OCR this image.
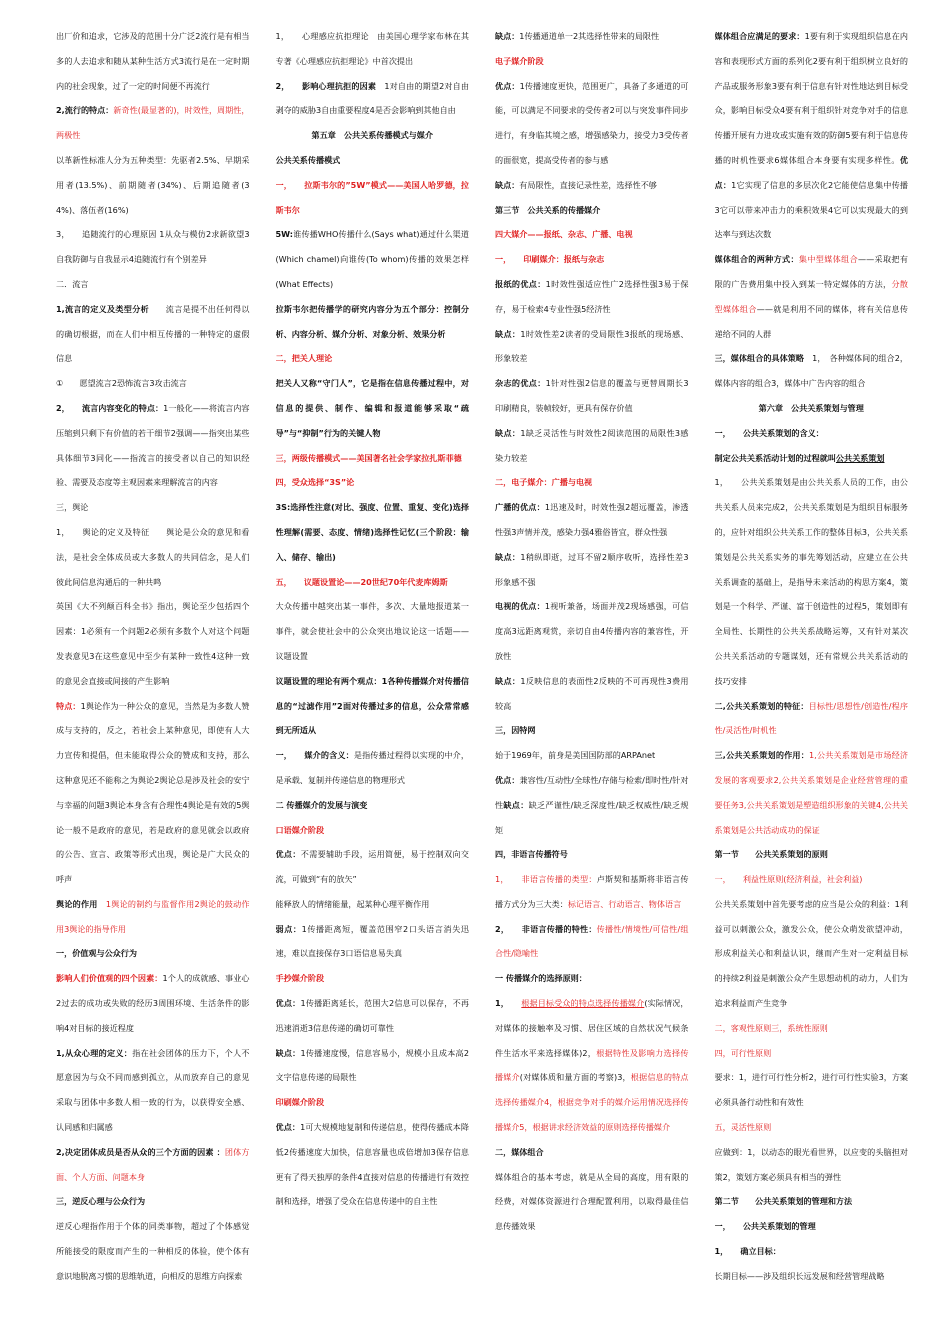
出厂价和追求，它涉及的范围十分广泛2流行是有相当多的人去追求和随从某种生活方式3流行是在一定时期内的社会现象，过了一定的时间便不再流行

2,流行的特点：新奇性(最显著的)，时效性，周期性，两极性

以革新性标准人分为五种类型：先驱者2.5%、早期采用者(13.5%)、前期随者(34%)、后期追随者(34%)、落伍者(16%)

3，　　追随流行的心理原因 1从众与模仿2求新欲望3自我防御与自我显示4追随流行有个别差异

二．流言

1,流言的定义及类型分析　　流言是提不出任何得以的确切根据，而在人们中相互传播的一种特定的虚假信息

①　　愿望流言2恐怖流言3攻击流言

2，　　流言内容变化的特点：1一般化——将流言内容压缩到只剩下有价值的若干细节2强调——指突出某些具体细节3同化——指流言的接受者以自己的知识经验、需要及态度等主观因素来理解流言的内容

三，舆论

1，　　舆论的定义及特征　　舆论是公众的意见和看法，是社会全体成员或大多数人的共同信念，是人们彼此间信息沟通后的一种共鸣

英国《大不列颠百科全书》指出，舆论至少包括四个因素：1必须有一个问题2必须有多数个人对这个问题发表意见3在这些意见中至少有某种一致性4这种一致的意见会直接或间接的产生影响

特点：1舆论作为一种公众的意见，当然是为多数人赞成与支持的，反之，若社会上某种意见，即使有人大力宣传和提倡，但未能取得公众的赞成和支持，那么这种意见还不能称之为舆论2舆论总是涉及社会的安宁与幸福的问题3舆论本身含有合理性4舆论是有效的5舆论一般不是政府的意见，若是政府的意见就会以政府的公告、宣言、政策等形式出现，舆论是广大民众的呼声

舆论的作用　1舆论的制约与监督作用2舆论的鼓动作用3舆论的指导作用

一，价值观与公众行为

影响人们价值观的四个因素：1个人的成就感、事业心2过去的成功或失败的经历3周围环境、生活条件的影响4对目标的接近程度

1,从众心理的定义：指在社会团体的压力下，个人不愿意因为与众不同而感到孤立，从而放弃自己的意见采取与团体中多数人相一致的行为，以获得安全感、认同感和归属感

2,决定团体成员是否从众的三个方面的因素 ：团体方面、个人方面、问题本身

三，逆反心理与公众行为

逆反心理指作用于个体的同类事物，超过了个体感觉所能接受的限度而产生的一种相反的体验，使个体有意识地脱离习惯的思维轨道，向相反的思维方向探索

1，　　心理感应抗拒理论　由美国心理学家布林在其专著《心理感应抗拒理论》中首次提出

2，　　影响心理抗拒的因素　1对自由的期望2对自由剥夺的威胁3自由重要程度4是否会影响到其他自由

第五章　公共关系传播模式与媒介

公共关系传播模式

一，　　拉斯韦尔的”5W”模式——美国人哈罗德，拉斯韦尔

5W:谁传播WHO传播什么(Says what)通过什么渠道(Which chamel)向谁传(To whom)传播的效果怎样(What Effects)

拉斯韦尔把传播学的研究内容分为五个部分：控制分析、内容分析、媒介分析、对象分析、效果分析

二，把关人理论

把关人又称“守门人”，它是指在信息传播过程中，对信息的提供、制作、编辑和报道能够采取“疏导”与“抑制”行为的关键人物

三，两级传播模式——美国著名社会学家拉扎斯菲德

四，受众选择“3S”论

3S:选择性注意(对比、强度、位置、重复、变化)选择性理解(需要、态度、情绪)选择性记忆(三个阶段：输入、储存、输出)

五，　　议题设置论——20世纪70年代麦库姆斯

大众传播中越突出某一事件，多次、大量地报道某一事件，就会使社会中的公众突出地议论这一话题——议题设置

议题设置的理论有两个观点：1各种传播媒介对传播信息的“过滤作用”2面对传播过多的信息，公众常常感到无所适从

一，　　媒介的含义：是指传播过程得以实现的中介，是承载、复制并传递信息的物理形式

二 传播媒介的发展与演变

口语媒介阶段

优点：不需要辅助手段，运用简便，易于控制双向交流，可做到“有的放矢”

能释放人的情绪能量，起某种心理平衡作用

弱点：1传播距离短，覆盖范围窄2口头语言消失迅速，难以直接保存3口语信息易失真

手抄媒介阶段

优点：1传播距离延长，范围大2信息可以保存，不再迅速消逝3信息传递的确切可靠性

缺点：1传播速度慢，信息容易小，规模小且成本高2文字信息传递的局限性

印刷媒介阶段

优点：1可大规模地复制和传递信息，使得传播成本降低2传播速度大加快，信息容量也成倍增加3保存信息更有了得天独厚的条件4直接对信息的传播进行有效控制和选择，增强了受众在信息传递中的自主性

缺点：1传播通道单一2其选择性带来的局限性

电子媒介阶段

优点：1传播速度更快，范围更广，具备了多通道的可能，可以满足不同要求的受传者2可以与突发事件同步进行，有身临其境之感，增强感染力，接受力3受传者的面很宽，提高受传者的参与感

缺点：有局限性，直接记录性差，选择性不够

第三节　公共关系的传播媒介

四大媒介——报纸、杂志、广播、电视

一，　　印刷媒介：报纸与杂志

报纸的优点：1时效性强适应性广2选择性强3易于保存，易于检索4专业性强5经济性

缺点：1时效性差2读者的受局限性3报纸的现场感、形象较差

杂志的优点：1针对性强2信息的覆盖与更替周期长3印刷精良，装帧较好，更具有保存价值

缺点：1缺乏灵活性与时效性2阅读范围的局限性3感染力较差

二，电子媒介：广播与电视

广播的优点：1迅速及时，时效性强2超远覆盖，渗透性强3声情并茂，感染力强4雅俗皆宜，群众性强

缺点：1稍纵即逝，过耳不留2顺序收听，选择性差3形象感不强

电视的优点：1视听兼备，场面并茂2现场感强，可信度高3远距离观赏，亲切自由4传播内容的兼容性，开放性

缺点：1反映信息的表面性2反映的不可再现性3费用较高

三，因特网

始于1969年，前身是美国国防部的ARPAnet

优点：兼容性/互动性/全球性/存储与检索/即时性/针对性缺点：缺乏严谨性/缺乏深度性/缺乏权威性/缺乏规矩

四，非语言传播符号

1，　　非语言传播的类型：卢斯契和基斯将非语言传播方式分为三大类：标记语言、行动语言、物体语言

2，　　非语言传播的特性：传播性/情境性/可信性/组合性/隐喻性

一 传播媒介的选择原则：

1，　　根据目标受众的特点选择传播媒介(实际情况，对媒体的接触率及习惯、居住区域的自然状况气候条件生活水平来选择媒体)2，根据特性及影响力选择传播媒介(对媒体质和量方面的考察)3，根据信息的特点选择传播媒介4，根据竞争对手的媒介运用情况选择传播媒介5，根据讲求经济效益的原则选择传播媒介

二，媒体组合

媒体组合的基本考虑，就是从全局的高度，用有限的经费，对媒体资源进行合理配置利用，以取得最佳信息传播效果

媒体组合应满足的要求：1要有利于实现组织信息在内容和表现形式方面的系列化2要有利于组织树立良好的产品或服务形象3要有利于信息有针对性地达到目标受众，影响目标受众4要有利于组织针对竞争对手的信息传播开展有力进攻或实施有效的防御5要有利于信息传播的时机性要求6媒体组合本身要有实现多样性。优点：1它实现了信息的多层次化2它能使信息集中传播3它可以带来冲击力的乘积效果4它可以实现最大的到达率与到达次数

媒体组合的两种方式：集中型媒体组合——采取把有限的广告费用集中投入到某一特定媒体的方法，分散型媒体组合——就是利用不同的媒体，将有关信息传递给不同的人群

三，媒体组合的具体策略　1，　各种媒体间的组合2，媒体内容的组合3，媒体中广告内容的组合

第六章　公共关系策划与管理

一，　　公共关系策划的含义：

制定公共关系活动计划的过程就叫公共关系策划

1，　　公共关系策划是由公共关系人员的工作，由公共关系人员来完成2，公共关系策划是为组织目标服务的，应针对组织公共关系工作的整体目标3，公共关系策划是公共关系实务的事先筹划活动，应建立在公共关系调查的基础上，是指导未来活动的构思方案4，策划是一个科学、严谨、富于创造性的过程5，策划即有全局性、长期性的公共关系战略运筹，又有针对某次公共关系活动的专题谋划，还有常规公共关系活动的技巧安排

二,公共关系策划的特征：目标性/思想性/创造性/程序性/灵活性/时机性

三,公共关系策划的作用：1,公共关系策划是市场经济发展的客观要求2,公共关系策划是企业经营管理的重要任务3,公共关系策划是塑造组织形象的关键4,公共关系策划是公共活动成功的保证

第一节　　公共关系策划的原则

一，　　利益性原则(经济利益，社会利益)

公共关系策划中首先要考虑的应当是公众的利益：1利益可以刺激公众，激发公众，使公众萌发欲望冲动，形成利益关心和利益认识，继而产生对一定利益目标的持续2利益是刺激公众产生思想动机的动力，人们为追求利益而产生竞争

二，客观性原则三，系统性原则

四，可行性原则

要求：1，进行可行性分析2，进行可行性实验3，方案必须具备行动性和有效性

五，灵活性原则

应做到：1，以动态的眼光看世界，以应变的头脑担对策2，策划方案必须具有相当的弹性

第二节　　公共关系策划的管理和方法

一，　　公共关系策划的管理

1，　　确立目标：

长期目标——涉及组织长远发展和经营管理战略
